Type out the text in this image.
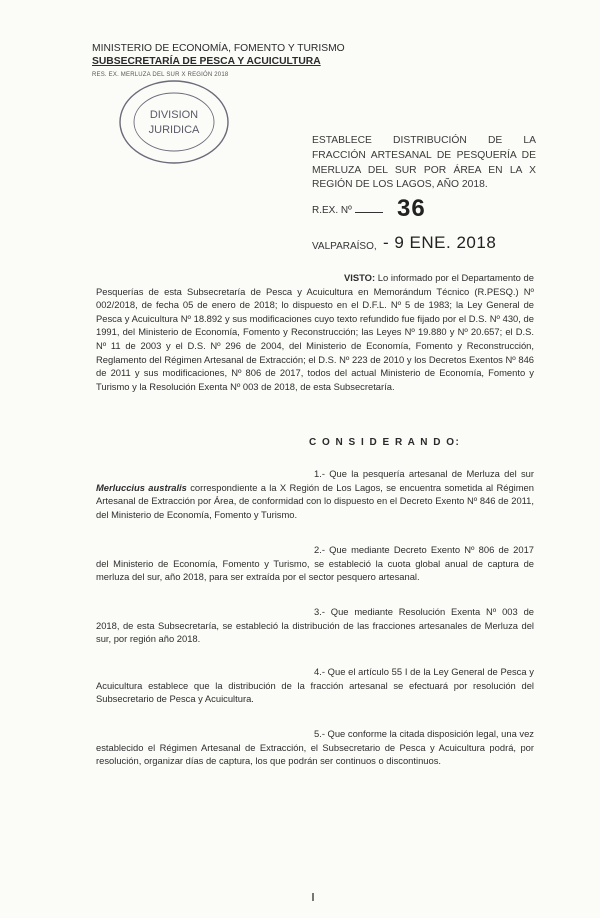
MINISTERIO DE ECONOMÍA, FOMENTO Y TURISMO
SUBSECRETARÍA DE PESCA Y ACUICULTURA
RES. EX. MERLUZA DEL SUR X REGIÓN 2018
DIVISION
JURIDICA
ESTABLECE DISTRIBUCIÓN DE LA FRACCIÓN ARTESANAL DE PESQUERÍA DE MERLUZA DEL SUR POR ÁREA EN LA X REGIÓN DE LOS LAGOS, AÑO 2018.
R.EX. Nº	36
VALPARAÍSO, - 9 ENE. 2018
VISTO: Lo informado por el Departamento de Pesquerías de esta Subsecretaría de Pesca y Acuicultura en Memorándum Técnico (R.PESQ.) Nº 002/2018, de fecha 05 de enero de 2018; lo dispuesto en el D.F.L. Nº 5 de 1983; la Ley General de Pesca y Acuicultura Nº 18.892 y sus modificaciones cuyo texto refundido fue fijado por el D.S. Nº 430, de 1991, del Ministerio de Economía, Fomento y Reconstrucción; las Leyes Nº 19.880 y Nº 20.657; el D.S. Nº 11 de 2003 y el D.S. Nº 296 de 2004, del Ministerio de Economía, Fomento y Reconstrucción, Reglamento del Régimen Artesanal de Extracción; el D.S. Nº 223 de 2010 y los Decretos Exentos Nº 846 de 2011 y sus modificaciones, Nº 806 de 2017, todos del actual Ministerio de Economía, Fomento y Turismo y la Resolución Exenta Nº 003 de 2018, de esta Subsecretaría.
C O N S I D E R A N D O:
1.- Que la pesquería artesanal de Merluza del sur Merluccius australis correspondiente a la X Región de Los Lagos, se encuentra sometida al Régimen Artesanal de Extracción por Área, de conformidad con lo dispuesto en el Decreto Exento Nº 846 de 2011, del Ministerio de Economía, Fomento y Turismo.
2.- Que mediante Decreto Exento Nº 806 de 2017 del Ministerio de Economía, Fomento y Turismo, se estableció la cuota global anual de captura de merluza del sur, año 2018, para ser extraída por el sector pesquero artesanal.
3.- Que mediante Resolución Exenta Nº 003 de 2018, de esta Subsecretaría, se estableció la distribución de las fracciones artesanales de Merluza del sur, por región año 2018.
4.- Que el artículo 55 I de la Ley General de Pesca y Acuicultura establece que la distribución de la fracción artesanal se efectuará por resolución del Subsecretario de Pesca y Acuicultura.
5.- Que conforme la citada disposición legal, una vez establecido el Régimen Artesanal de Extracción, el Subsecretario de Pesca y Acuicultura podrá, por resolución, organizar días de captura, los que podrán ser continuos o discontinuos.
